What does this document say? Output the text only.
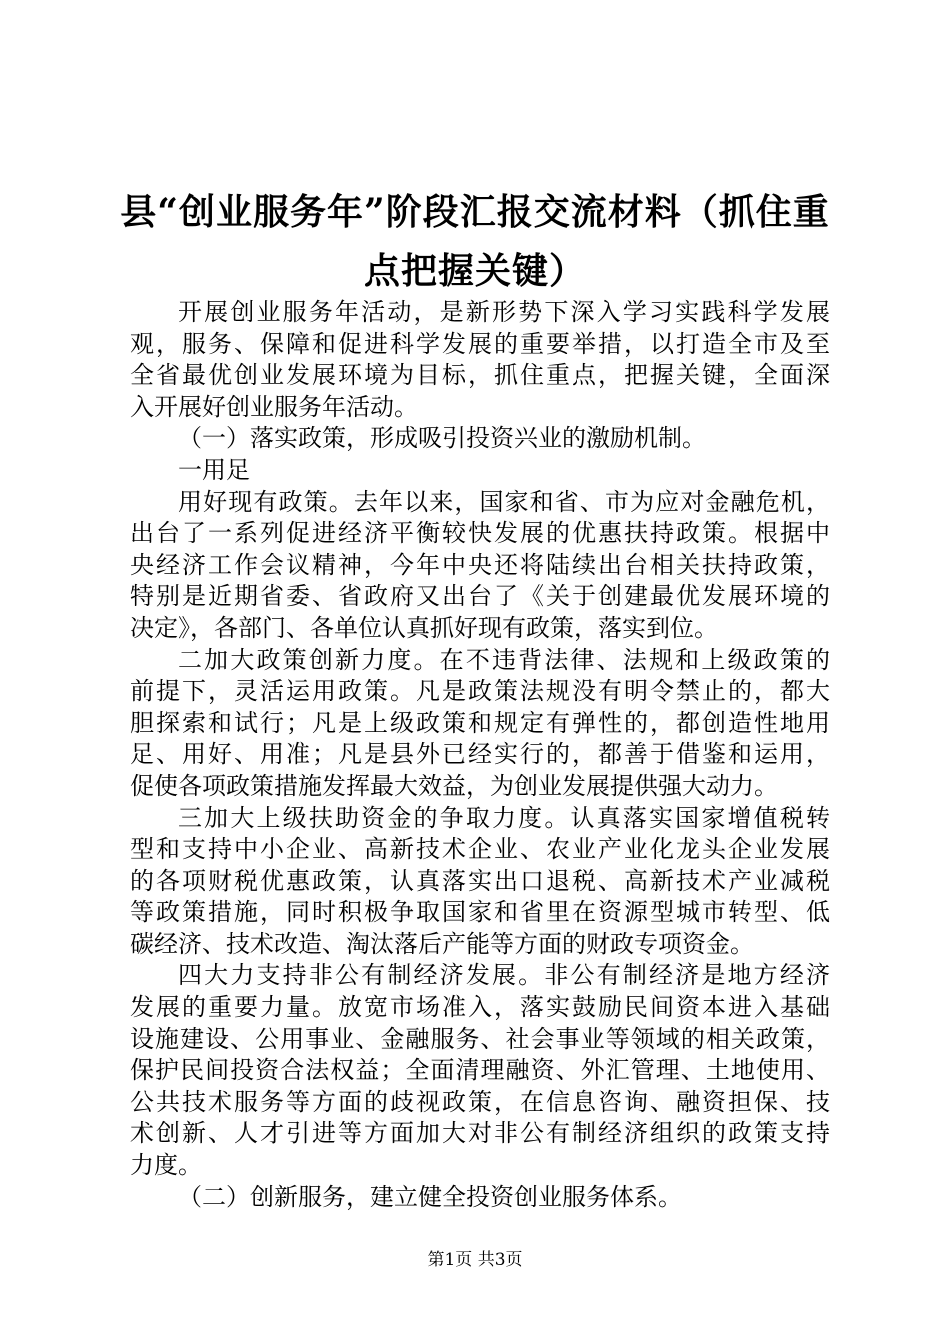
县“创业服务年”阶段汇报交流材料（抓住重
点把握关键）
开展创业服务年活动，是新形势下深入学习实践科学发展
观，服务、保障和促进科学发展的重要举措，以打造全市及至
全省最优创业发展环境为目标，抓住重点，把握关键，全面深
入开展好创业服务年活动。
（一）落实政策，形成吸引投资兴业的激励机制。
一用足
用好现有政策。去年以来，国家和省、市为应对金融危机，
出台了一系列促进经济平衡较快发展的优惠扶持政策。根据中
央经济工作会议精神，今年中央还将陆续出台相关扶持政策，
特别是近期省委、省政府又出台了《关于创建最优发展环境的
决定》，各部门、各单位认真抓好现有政策，落实到位。
二加大政策创新力度。在不违背法律、法规和上级政策的
前提下，灵活运用政策。凡是政策法规没有明令禁止的，都大
胆探索和试行；凡是上级政策和规定有弹性的，都创造性地用
足、用好、用准；凡是县外已经实行的，都善于借鉴和运用，
促使各项政策措施发挥最大效益，为创业发展提供强大动力。
三加大上级扶助资金的争取力度。认真落实国家增值税转
型和支持中小企业、高新技术企业、农业产业化龙头企业发展
的各项财税优惠政策，认真落实出口退税、高新技术产业减税
等政策措施，同时积极争取国家和省里在资源型城市转型、低
碳经济、技术改造、淘汰落后产能等方面的财政专项资金。
四大力支持非公有制经济发展。非公有制经济是地方经济
发展的重要力量。放宽市场准入，落实鼓励民间资本进入基础
设施建设、公用事业、金融服务、社会事业等领域的相关政策，
保护民间投资合法权益；全面清理融资、外汇管理、土地使用、
公共技术服务等方面的歧视政策，在信息咨询、融资担保、技
术创新、人才引进等方面加大对非公有制经济组织的政策支持
力度。
（二）创新服务，建立健全投资创业服务体系。
第1页 共3页
